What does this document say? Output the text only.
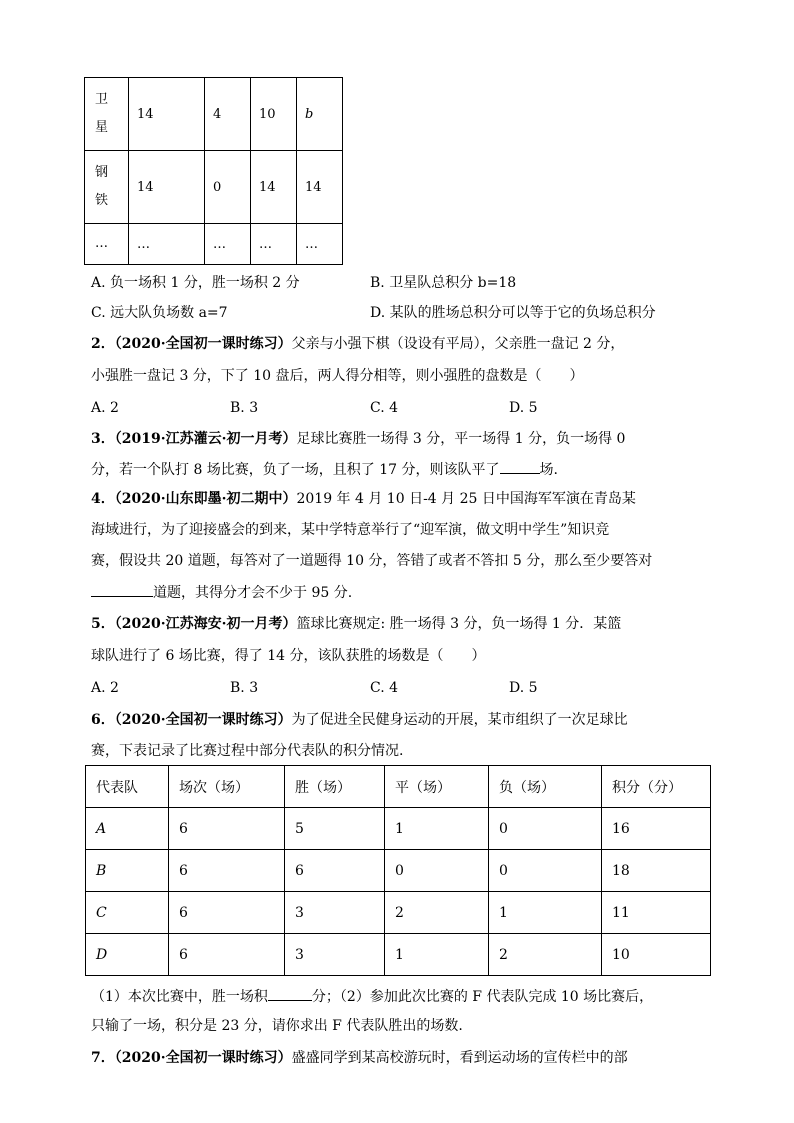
卫
星	14	4	10	b
钢
铁	14	0	14	14
…	…	…	…	…
A. 负一场积 1 分，胜一场积 2 分	B. 卫星队总积分 b=18
C. 远大队负场数 a=7	D. 某队的胜场总积分可以等于它的负场总积分
2．（2020·全国初一课时练习）父亲与小强下棋（设设有平局），父亲胜一盘记 2 分，
小强胜一盘记 3 分，下了 10 盘后，两人得分相等，则小强胜的盘数是（　　）
A. 2	B. 3	C. 4	D. 5
3．（2019·江苏灌云·初一月考）足球比赛胜一场得 3 分，平一场得 1 分，负一场得 0
分，若一个队打 8 场比赛，负了一场，且积了 17 分，则该队平了	场.
4．（2020·山东即墨·初二期中）2019 年 4 月 10 日-4 月 25 日中国海军军演在青岛某
海域进行，为了迎接盛会的到来，某中学特意举行了“迎军演，做文明中学生”知识竞
赛，假设共 20 道题，每答对了一道题得 10 分，答错了或者不答扣 5 分，那么至少要答对
道题，其得分才会不少于 95 分.
5．（2020·江苏海安·初一月考）篮球比赛规定: 胜一场得 3 分，负一场得 1 分．某篮
球队进行了 6 场比赛，得了 14 分，该队获胜的场数是（　　）
A. 2	B. 3	C. 4	D. 5
6．（2020·全国初一课时练习）为了促进全民健身运动的开展，某市组织了一次足球比
赛，下表记录了比赛过程中部分代表队的积分情况.
代表队	场次（场）	胜（场）	平（场）	负（场）	积分（分）
A	6	5	1	0	16
B	6	6	0	0	18
C	6	3	2	1	11
D	6	3	1	2	10
（1）本次比赛中，胜一场积	分；（2）参加此次比赛的 F 代表队完成 10 场比赛后，
只输了一场，积分是 23 分，请你求出 F 代表队胜出的场数.
7．（2020·全国初一课时练习）盛盛同学到某高校游玩时，看到运动场的宣传栏中的部
